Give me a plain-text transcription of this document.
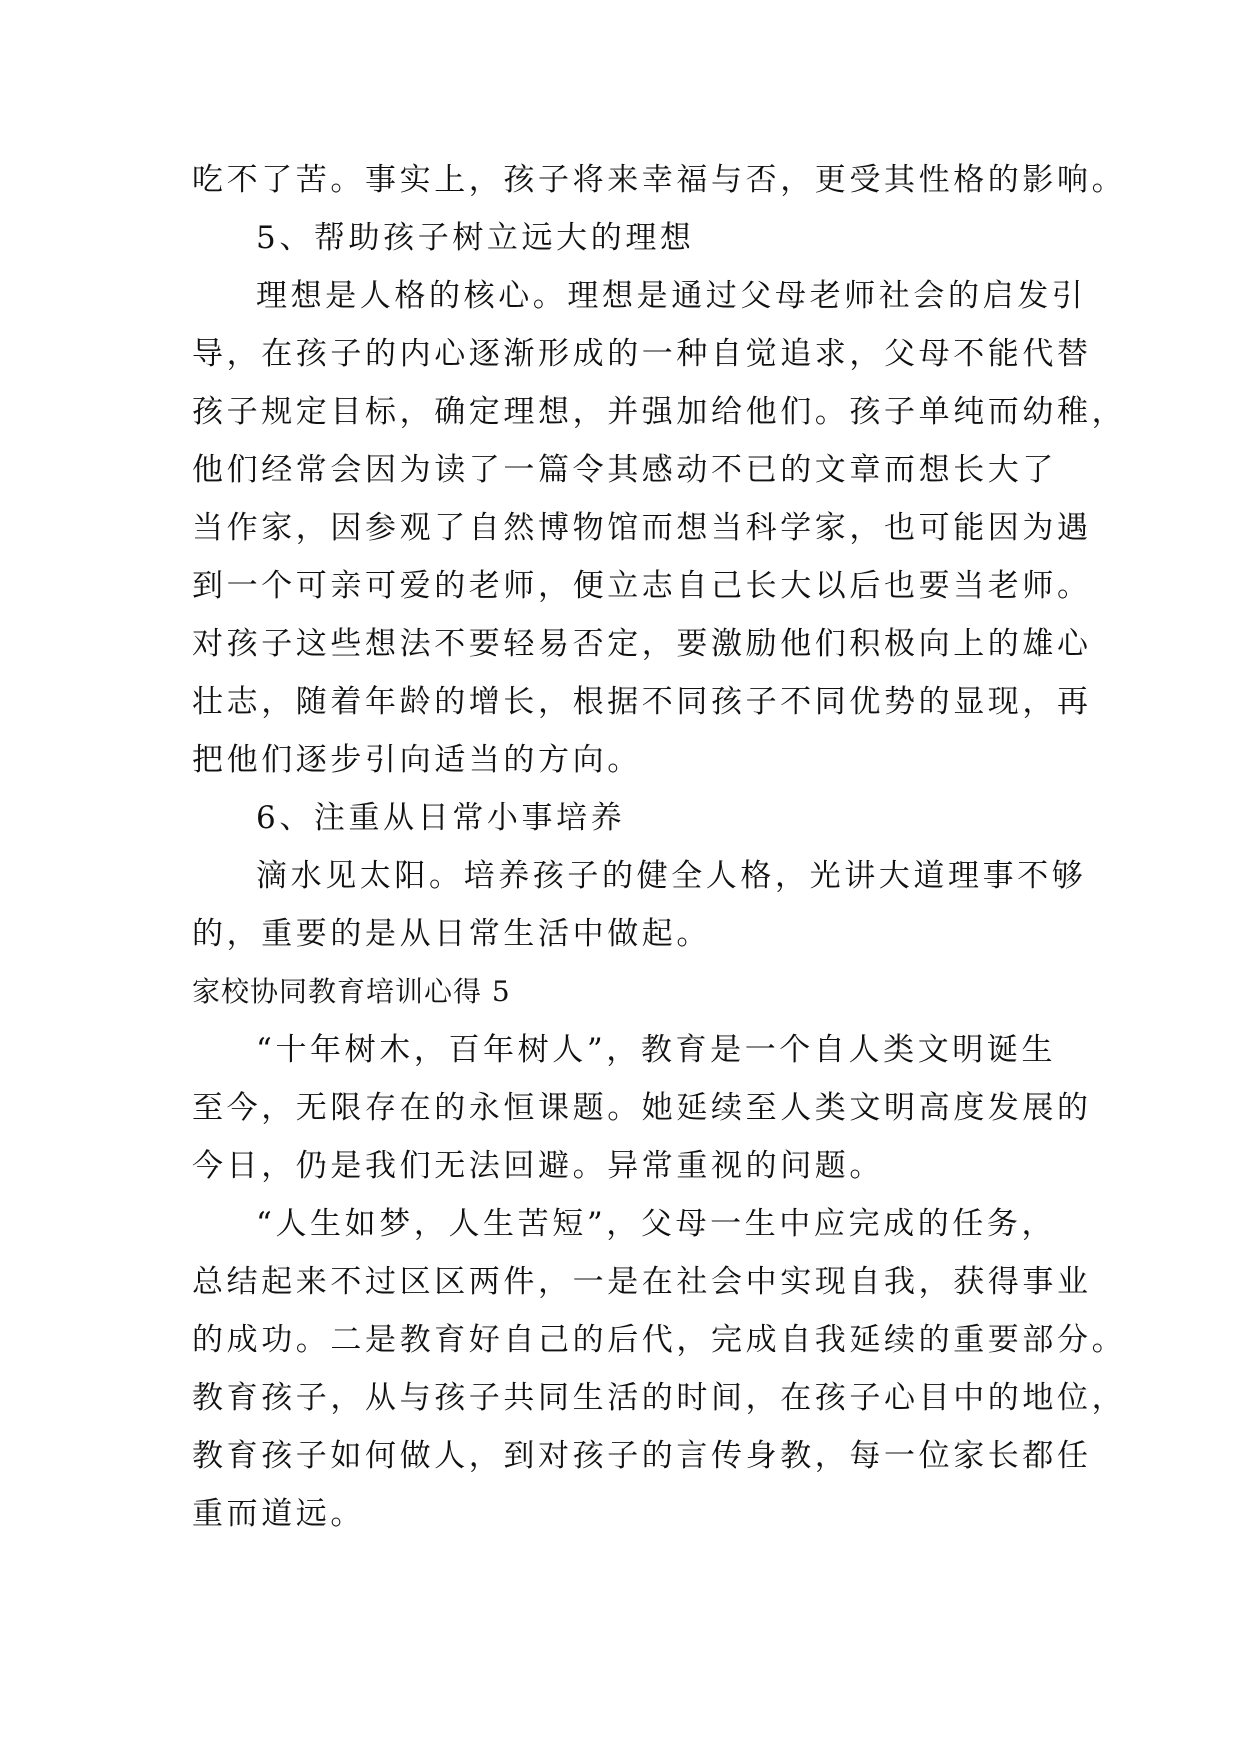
吃不了苦。事实上，孩子将来幸福与否，更受其性格的影响。
5、帮助孩子树立远大的理想
理想是人格的核心。理想是通过父母老师社会的启发引
导，在孩子的内心逐渐形成的一种自觉追求，父母不能代替
孩子规定目标，确定理想，并强加给他们。孩子单纯而幼稚，
他们经常会因为读了一篇令其感动不已的文章而想长大了
当作家，因参观了自然博物馆而想当科学家，也可能因为遇
到一个可亲可爱的老师，便立志自己长大以后也要当老师。
对孩子这些想法不要轻易否定，要激励他们积极向上的雄心
壮志，随着年龄的增长，根据不同孩子不同优势的显现，再
把他们逐步引向适当的方向。
6、注重从日常小事培养
滴水见太阳。培养孩子的健全人格，光讲大道理事不够
的，重要的是从日常生活中做起。
家校协同教育培训心得 5
“十年树木，百年树人”，教育是一个自人类文明诞生
至今，无限存在的永恒课题。她延续至人类文明高度发展的
今日，仍是我们无法回避。异常重视的问题。
“人生如梦，人生苦短”，父母一生中应完成的任务，
总结起来不过区区两件，一是在社会中实现自我，获得事业
的成功。二是教育好自己的后代，完成自我延续的重要部分。
教育孩子，从与孩子共同生活的时间，在孩子心目中的地位，
教育孩子如何做人，到对孩子的言传身教，每一位家长都任
重而道远。
